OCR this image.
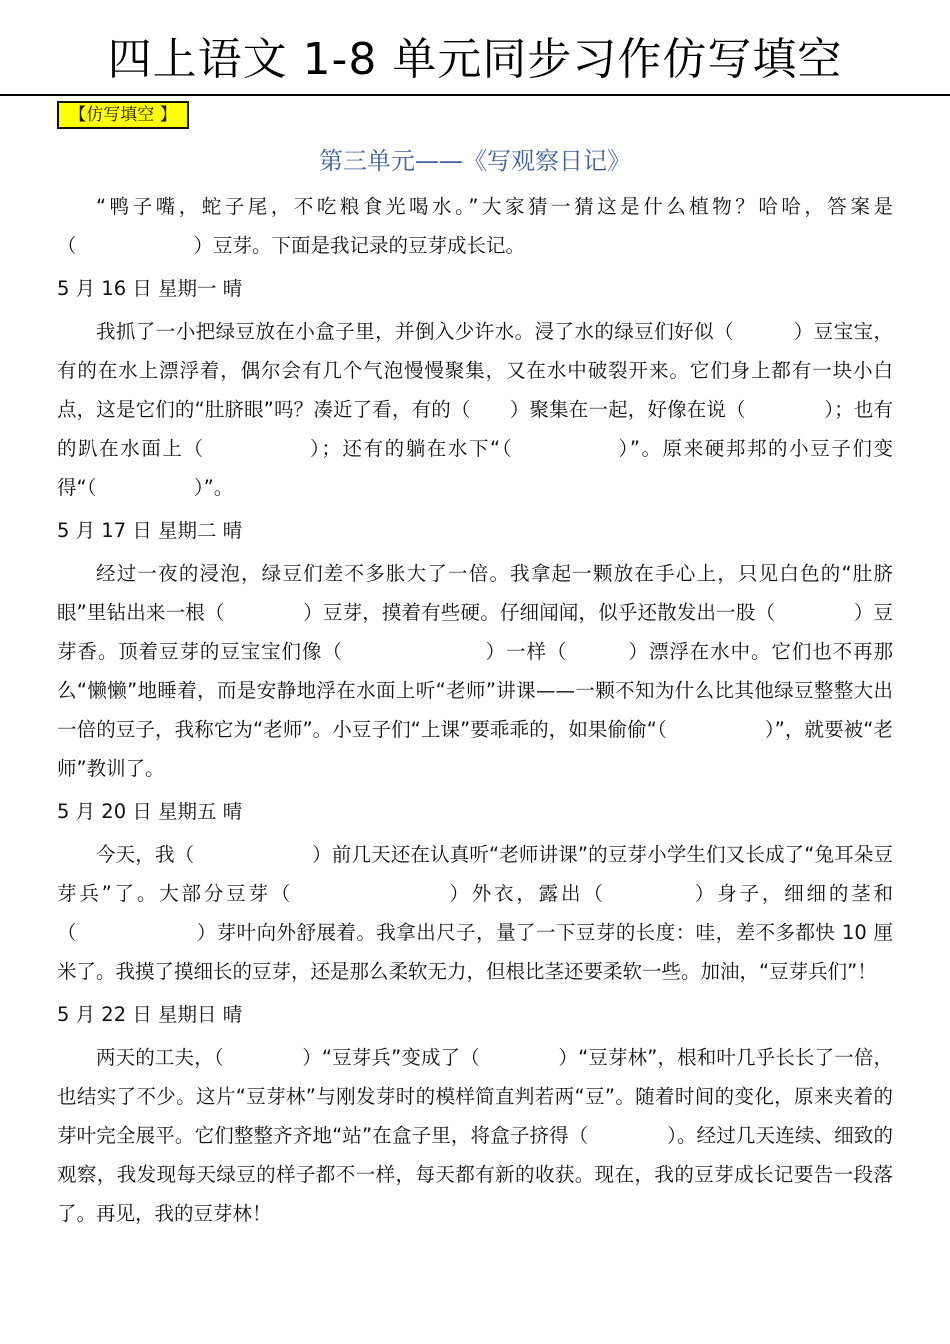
四上语文 1-8 单元同步习作仿写填空
【仿写填空 】
第三单元——《写观察日记》

“鸭子嘴，蛇子尾，不吃粮食光喝水。”大家猜一猜这是什么植物？哈哈，答案是（　　　　　　）豆芽。下面是我记录的豆芽成长记。

5 月 16 日 星期一 晴

我抓了一小把绿豆放在小盒子里，并倒入少许水。浸了水的绿豆们好似（　　　）豆宝宝，有的在水上漂浮着，偶尔会有几个气泡慢慢聚集，又在水中破裂开来。它们身上都有一块小白点，这是它们的“肚脐眼”吗？凑近了看，有的（　　）聚集在一起，好像在说（　　　　）；也有的趴在水面上（　　　　　）；还有的躺在水下“（　　　　　）”。原来硬邦邦的小豆子们变得“（　　　　　）”。

5 月 17 日 星期二 晴

经过一夜的浸泡，绿豆们差不多胀大了一倍。我拿起一颗放在手心上，只见白色的“肚脐眼”里钻出来一根（　　　　）豆芽，摸着有些硬。仔细闻闻，似乎还散发出一股（　　　　）豆芽香。顶着豆芽的豆宝宝们像（　　　　　　　）一样（　　　）漂浮在水中。它们也不再那么“懒懒”地睡着，而是安静地浮在水面上听“老师”讲课——一颗不知为什么比其他绿豆整整大出一倍的豆子，我称它为“老师”。小豆子们“上课”要乖乖的，如果偷偷“（　　　　　）”，就要被“老师”教训了。

5 月 20 日 星期五 晴

今天，我（　　　　　　）前几天还在认真听“老师讲课”的豆芽小学生们又长成了“兔耳朵豆芽兵”了。大部分豆芽（　　　　　　　）外衣，露出（　　　　）身子，细细的茎和（　　　　　　）芽叶向外舒展着。我拿出尺子，量了一下豆芽的长度：哇，差不多都快 10 厘米了。我摸了摸细长的豆芽，还是那么柔软无力，但根比茎还要柔软一些。加油，“豆芽兵们”！

5 月 22 日 星期日 晴

两天的工夫，（　　　　）“豆芽兵”变成了（　　　　）“豆芽林”，根和叶几乎长长了一倍，也结实了不少。这片“豆芽林”与刚发芽时的模样简直判若两“豆”。随着时间的变化，原来夹着的芽叶完全展平。它们整整齐齐地“站”在盒子里，将盒子挤得（　　　　）。经过几天连续、细致的观察，我发现每天绿豆的样子都不一样，每天都有新的收获。现在，我的豆芽成长记要告一段落了。再见，我的豆芽林！
